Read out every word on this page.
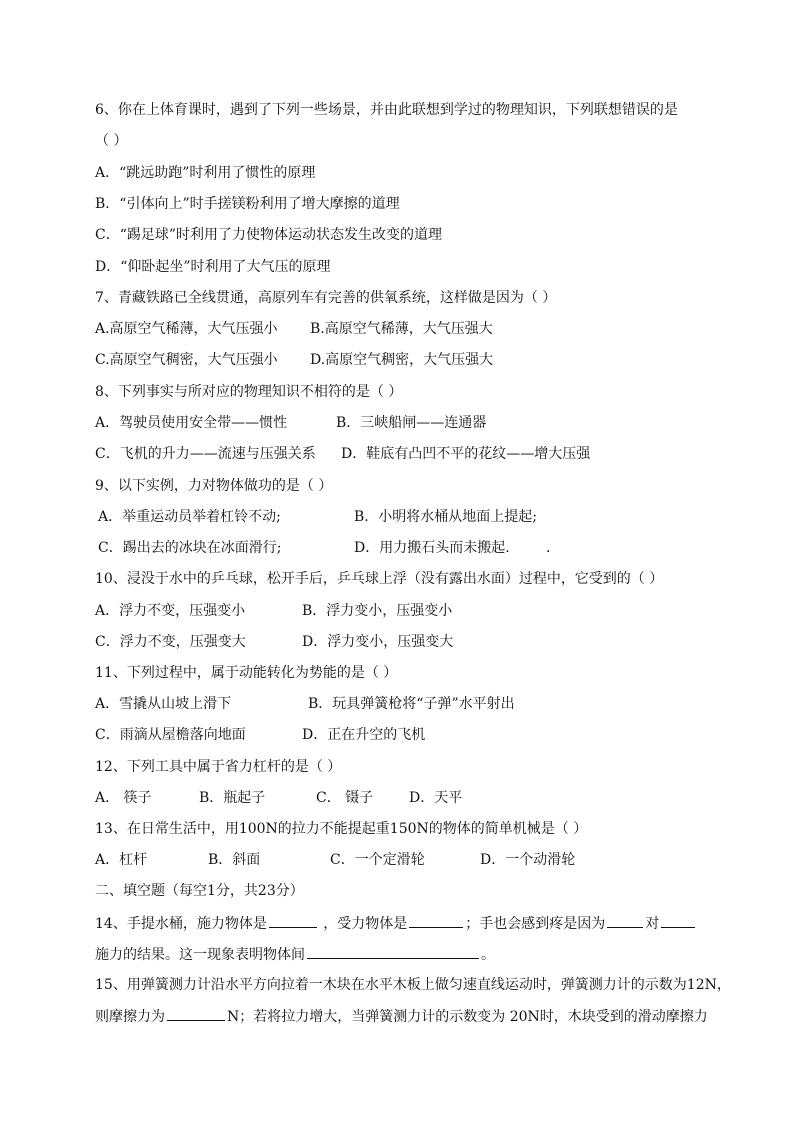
6、你在上体育课时，遇到了下列一些场景，并由此联想到学过的物理知识，下列联想错误的是
（ ）
A．“跳远助跑”时利用了惯性的原理
B．“引体向上”时手搓镁粉利用了增大摩擦的道理
C．“踢足球”时利用了力使物体运动状态发生改变的道理
D．“仰卧起坐”时利用了大气压的原理
7、青藏铁路已全线贯通，高原列车有完善的供氧系统，这样做是因为（ ）
A.高原空气稀薄，大气压强小 B.高原空气稀薄，大气压强大
C.高原空气稠密，大气压强小 D.高原空气稠密，大气压强大
8、下列事实与所对应的物理知识不相符的是（ ）
A．驾驶员使用安全带——惯性	B．三峡船闸——连通器
C．飞机的升力——流速与压强关系 D．鞋底有凸凹不平的花纹——增大压强
9、以下实例，力对物体做功的是（ ）
A．举重运动员举着杠铃不动;	B．小明将水桶从地面上提起;
C．踢出去的冰块在冰面滑行;	D．用力搬石头而未搬起.	.
10、浸没于水中的乒乓球，松开手后，乒乓球上浮（没有露出水面）过程中，它受到的（ ）
A．浮力不变，压强变小	B．浮力变小，压强变小
C．浮力不变，压强变大	D．浮力变小，压强变大
11、下列过程中，属于动能转化为势能的是（ ）
A．雪撬从山坡上滑下	B．玩具弹簧枪将“子弹”水平射出
C．雨滴从屋檐落向地面	D．正在升空的飞机
12、下列工具中属于省力杠杆的是（ ）
A． 筷子	B．瓶起子	C． 镊子	D．天平
13、在日常生活中，用100N的拉力不能提起重150N的物体的简单机械是（ ）
A．杠杆	B．斜面	C．一个定滑轮	D．一个动滑轮
二、填空题（每空1分，共23分）
14、手提水桶，施力物体是	，受力物体是	；手也会感到疼是因为	对
施力的结果。这一现象表明物体间	。
15、用弹簧测力计沿水平方向拉着一木块在水平木板上做匀速直线运动时，弹簧测力计的示数为12N，
则摩擦力为	N；若将拉力增大，当弹簧测力计的示数变为 20N时，木块受到的滑动摩擦力
